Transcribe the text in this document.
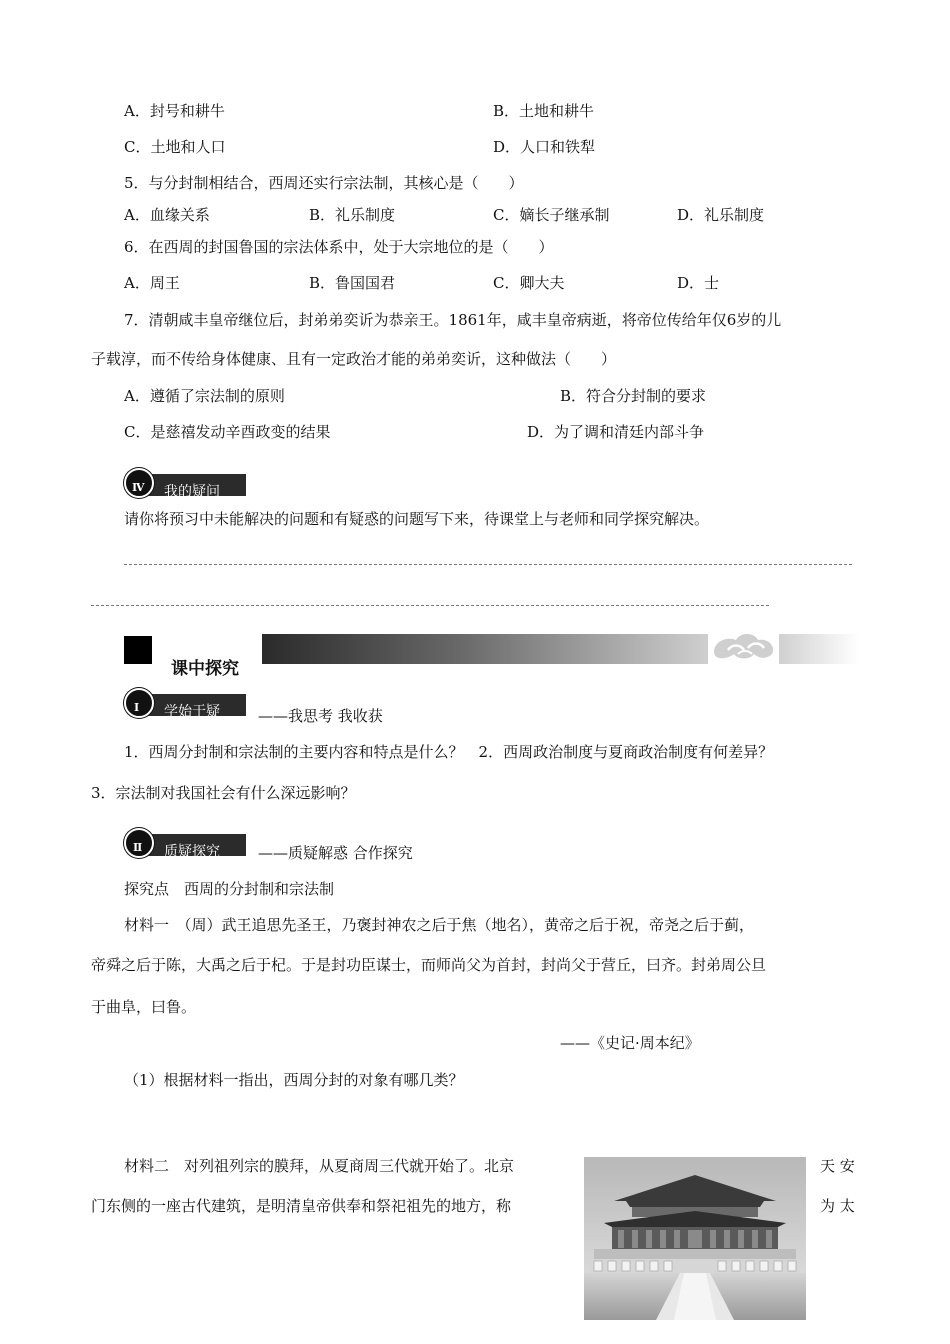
A．封号和耕牛	B．土地和耕牛
C．土地和人口	D．人口和铁犁
5．与分封制相结合，西周还实行宗法制，其核心是（　　）
A．血缘关系	B．礼乐制度	C．嫡长子继承制	D．礼乐制度
6．在西周的封国鲁国的宗法体系中，处于大宗地位的是（　　）
A．周王	B．鲁国国君	C．卿大夫	D．士
7．清朝咸丰皇帝继位后，封弟弟奕䜣为恭亲王。1861年，咸丰皇帝病逝，将帝位传给年仅6岁的儿
子载淳，而不传给身体健康、且有一定政治才能的弟弟奕䜣，这种做法（　　）
A．遵循了宗法制的原则	B．符合分封制的要求
C．是慈禧发动辛酉政变的结果	D．为了调和清廷内部斗争
Ⅳ 我的疑问
请你将预习中未能解决的问题和有疑惑的问题写下来，待课堂上与老师和同学探究解决。
课中探究
Ⅰ 学始于疑	——我思考 我收获
1．西周分封制和宗法制的主要内容和特点是什么？　2．西周政治制度与夏商政治制度有何差异？
3．宗法制对我国社会有什么深远影响？
Ⅱ 质疑探究	——质疑解惑 合作探究
探究点　西周的分封制和宗法制
材料一　（周）武王追思先圣王，乃褒封神农之后于焦（地名），黄帝之后于祝，帝尧之后于蓟，
帝舜之后于陈，大禹之后于杞。于是封功臣谋士，而师尚父为首封，封尚父于营丘，曰齐。封弟周公旦
于曲阜，曰鲁。
——《史记·周本纪》
（1）根据材料一指出，西周分封的对象有哪几类？
材料二　对列祖列宗的膜拜，从夏商周三代就开始了。北京	天 安
门东侧的一座古代建筑，是明清皇帝供奉和祭祀祖先的地方，称	为 太
